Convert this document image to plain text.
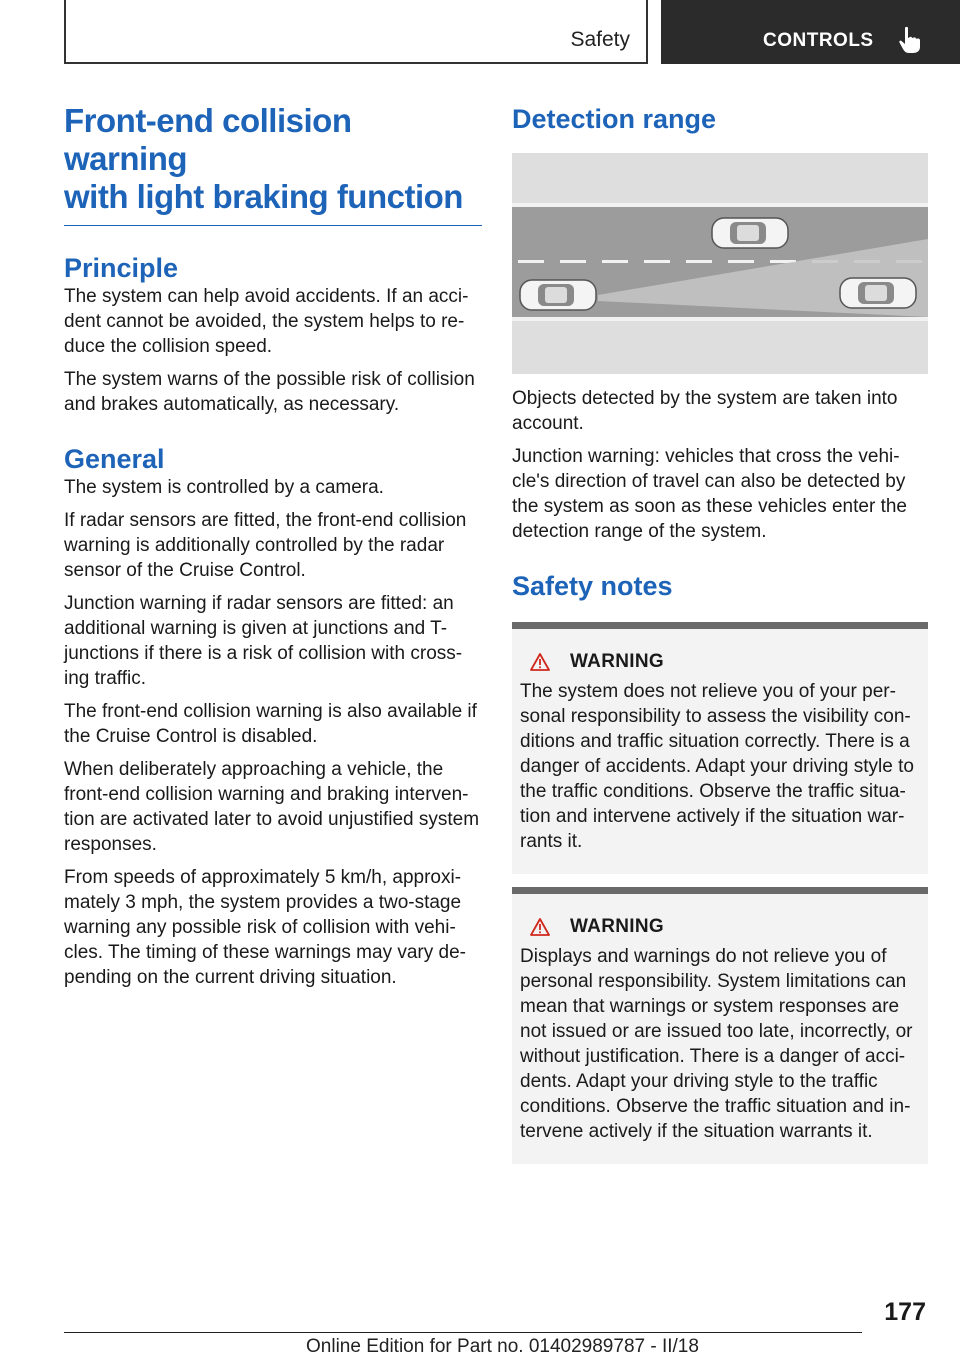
Safety	CONTROLS
Front-end collision warning
with light braking function
Principle

The system can help avoid accidents. If an acci-dent cannot be avoided, the system helps to re-duce the collision speed.

The system warns of the possible risk of collision and brakes automatically, as necessary.

General

The system is controlled by a camera.

If radar sensors are fitted, the front-end collision warning is additionally controlled by the radar sensor of the Cruise Control.

Junction warning if radar sensors are fitted: an additional warning is given at junctions and T-junctions if there is a risk of collision with cross-ing traffic.

The front-end collision warning is also available if the Cruise Control is disabled.

When deliberately approaching a vehicle, the front-end collision warning and braking interven-tion are activated later to avoid unjustified system responses.

From speeds of approximately 5 km/h, approxi-mately 3 mph, the system provides a two-stage warning any possible risk of collision with vehi-cles. The timing of these warnings may vary de-pending on the current driving situation.

Detection range

Objects detected by the system are taken into account.

Junction warning: vehicles that cross the vehi-cle's direction of travel can also be detected by the system as soon as these vehicles enter the detection range of the system.

Safety notes
WARNING

The system does not relieve you of your per-sonal responsibility to assess the visibility con-ditions and traffic situation correctly. There is a danger of accidents. Adapt your driving style to the traffic conditions. Observe the traffic situa-tion and intervene actively if the situation war-rants it.

WARNING

Displays and warnings do not relieve you of personal responsibility. System limitations can mean that warnings or system responses are not issued or are issued too late, incorrectly, or without justification. There is a danger of acci-dents. Adapt your driving style to the traffic conditions. Observe the traffic situation and in-tervene actively if the situation warrants it.

177
Online Edition for Part no. 01402989787 - II/18
